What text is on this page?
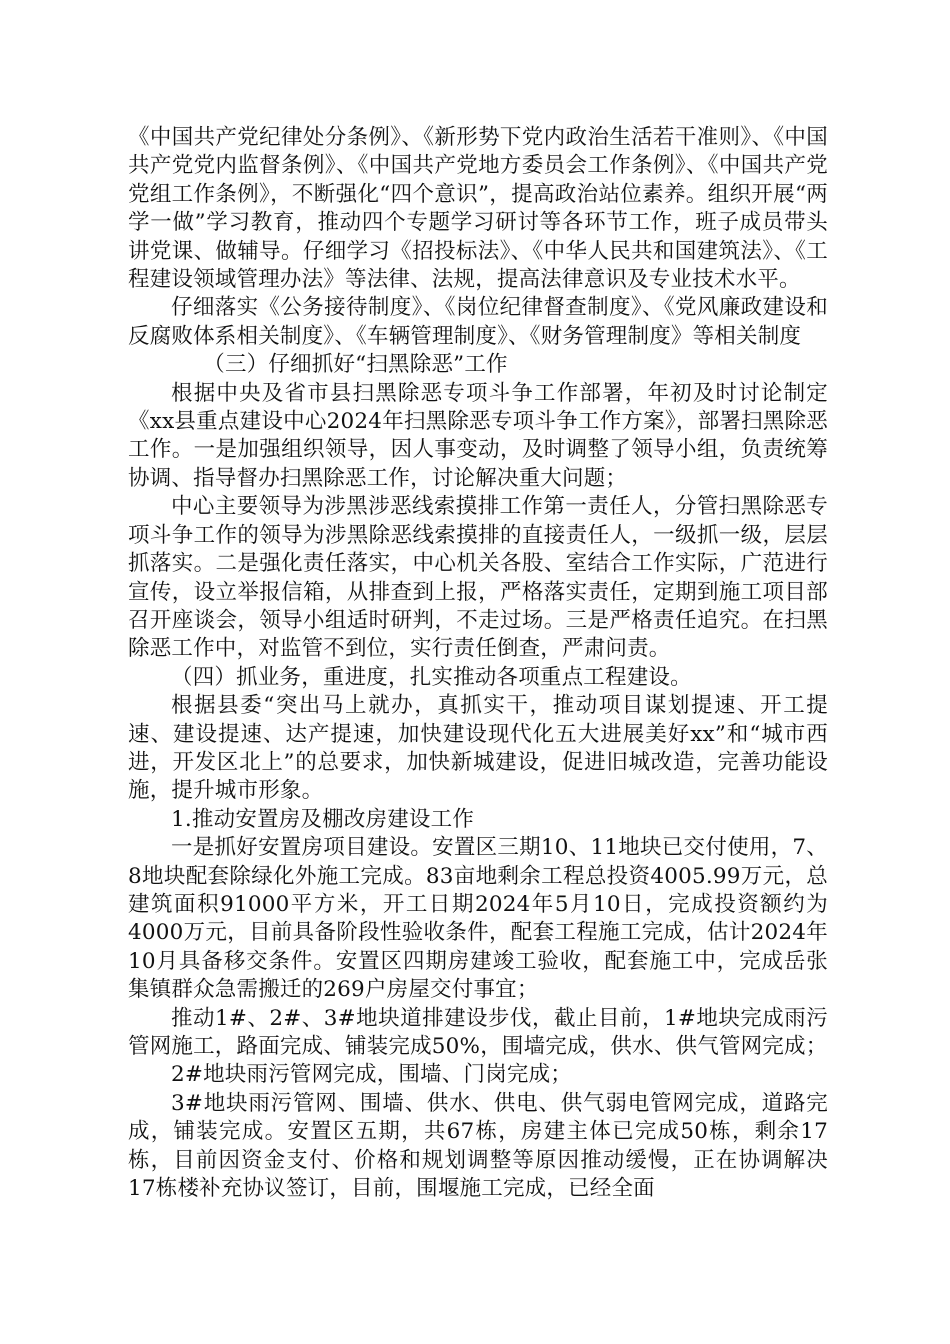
《中国共产党纪律处分条例》、《新形势下党内政治生活若干准则》、《中国共产党党内监督条例》、《中国共产党地方委员会工作条例》、《中国共产党党组工作条例》，不断强化“四个意识”，提高政治站位素养。组织开展“两学一做”学习教育，推动四个专题学习研讨等各环节工作，班子成员带头讲党课、做辅导。仔细学习《招投标法》、《中华人民共和国建筑法》、《工程建设领域管理办法》等法律、法规，提高法律意识及专业技术水平。

仔细落实《公务接待制度》、《岗位纪律督查制度》、《党风廉政建设和反腐败体系相关制度》、《车辆管理制度》、《财务管理制度》等相关制度

（三）仔细抓好“扫黑除恶”工作

根据中央及省市县扫黑除恶专项斗争工作部署，年初及时讨论制定《xx县重点建设中心2024年扫黑除恶专项斗争工作方案》，部署扫黑除恶工作。一是加强组织领导，因人事变动，及时调整了领导小组，负责统筹协调、指导督办扫黑除恶工作，讨论解决重大问题；

中心主要领导为涉黑涉恶线索摸排工作第一责任人，分管扫黑除恶专项斗争工作的领导为涉黑除恶线索摸排的直接责任人，一级抓一级，层层抓落实。二是强化责任落实，中心机关各股、室结合工作实际，广范进行宣传，设立举报信箱，从排查到上报，严格落实责任，定期到施工项目部召开座谈会，领导小组适时研判，不走过场。三是严格责任追究。在扫黑除恶工作中，对监管不到位，实行责任倒查，严肃问责。

（四）抓业务，重进度，扎实推动各项重点工程建设。

根据县委“突出马上就办，真抓实干，推动项目谋划提速、开工提速、建设提速、达产提速，加快建设现代化五大进展美好xx”和“城市西进，开发区北上”的总要求，加快新城建设，促进旧城改造，完善功能设施，提升城市形象。

1.推动安置房及棚改房建设工作

一是抓好安置房项目建设。安置区三期10、11地块已交付使用，7、8地块配套除绿化外施工完成。83亩地剩余工程总投资4005.99万元，总建筑面积91000平方米，开工日期2024年5月10日，完成投资额约为4000万元，目前具备阶段性验收条件，配套工程施工完成，估计2024年10月具备移交条件。安置区四期房建竣工验收，配套施工中，完成岳张集镇群众急需搬迁的269户房屋交付事宜；

推动1#、2#、3#地块道排建设步伐，截止目前，1#地块完成雨污管网施工，路面完成、铺装完成50%，围墙完成，供水、供气管网完成；

2#地块雨污管网完成，围墙、门岗完成；

3#地块雨污管网、围墙、供水、供电、供气弱电管网完成，道路完成，铺装完成。安置区五期，共67栋，房建主体已完成50栋，剩余17栋，目前因资金支付、价格和规划调整等原因推动缓慢，正在协调解决17栋楼补充协议签订，目前，围堰施工完成，已经全面
